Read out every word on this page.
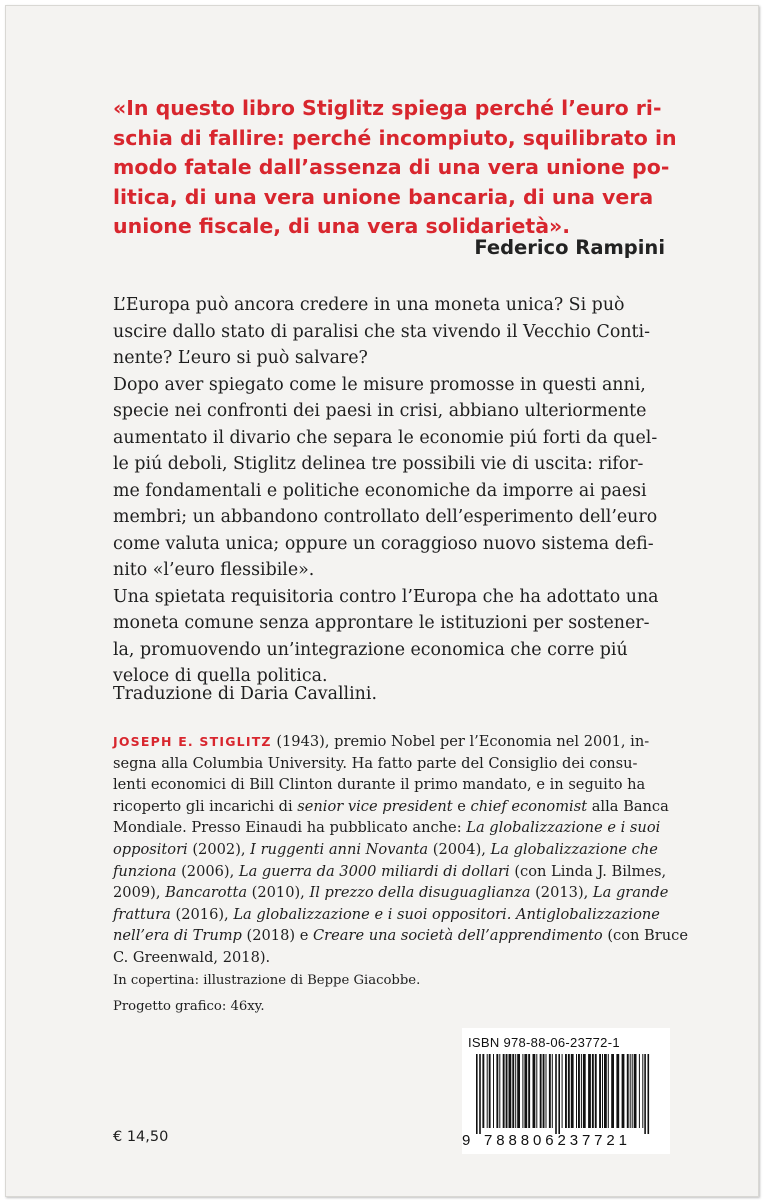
«In questo libro Stiglitz spiega perché l’euro ri-
schia di fallire: perché incompiuto, squilibrato in
modo fatale dall’assenza di una vera unione po-
litica, di una vera unione bancaria, di una vera
unione fiscale, di una vera solidarietà».
Federico Rampini
L’Europa può ancora credere in una moneta unica? Si può
uscire dallo stato di paralisi che sta vivendo il Vecchio Conti-
nente? L’euro si può salvare?
Dopo aver spiegato come le misure promosse in questi anni,
specie nei confronti dei paesi in crisi, abbiano ulteriormente
aumentato il divario che separa le economie piú forti da quel-
le piú deboli, Stiglitz delinea tre possibili vie di uscita: rifor-
me fondamentali e politiche economiche da imporre ai paesi
membri; un abbandono controllato dell’esperimento dell’euro
come valuta unica; oppure un coraggioso nuovo sistema defi-
nito «l’euro flessibile».
Una spietata requisitoria contro l’Europa che ha adottato una
moneta comune senza approntare le istituzioni per sostener-
la, promuovendo un’integrazione economica che corre piú
veloce di quella politica.
Traduzione di Daria Cavallini.
JOSEPH E. STIGLITZ (1943), premio Nobel per l’Economia nel 2001, in-
segna alla Columbia University. Ha fatto parte del Consiglio dei consu-
lenti economici di Bill Clinton durante il primo mandato, e in seguito ha
ricoperto gli incarichi di senior vice president e chief economist alla Banca
Mondiale. Presso Einaudi ha pubblicato anche: La globalizzazione e i suoi
oppositori (2002), I ruggenti anni Novanta (2004), La globalizzazione che
funziona (2006), La guerra da 3000 miliardi di dollari (con Linda J. Bilmes,
2009), Bancarotta (2010), Il prezzo della disuguaglianza (2013), La grande
frattura (2016), La globalizzazione e i suoi oppositori. Antiglobalizzazione
nell’era di Trump (2018) e Creare una società dell’apprendimento (con Bruce
C. Greenwald, 2018).
In copertina: illustrazione di Beppe Giacobbe.
Progetto grafico: 46xy.
€ 14,50
ISBN 978-88-06-23772-1
9 788806237721
